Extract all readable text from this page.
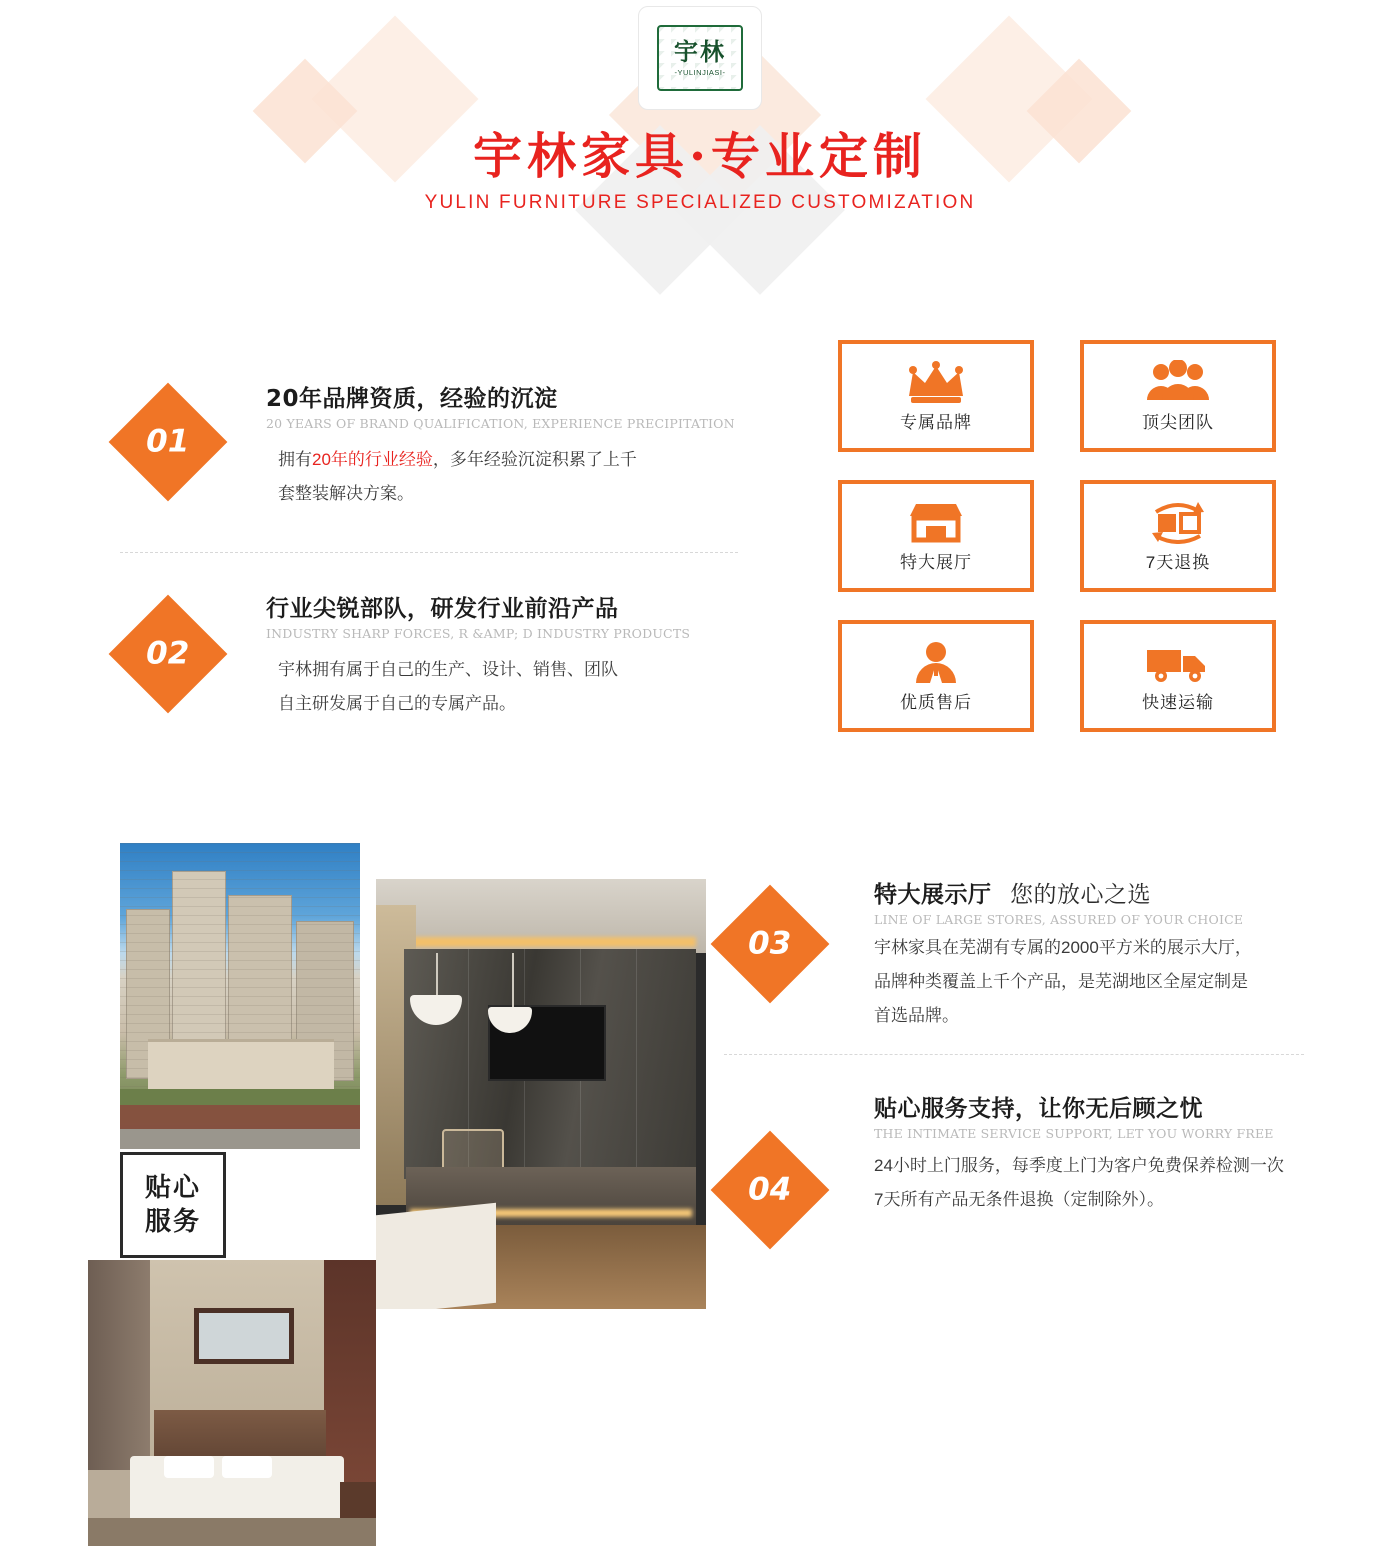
宇林
-YULINJIASI-
宇林家具·专业定制
YULIN FURNITURE SPECIALIZED CUSTOMIZATION
01
20年品牌资质，经验的沉淀
20 YEARS OF BRAND QUALIFICATION, EXPERIENCE PRECIPITATION
拥有20年的行业经验，多年经验沉淀积累了上千
套整装解决方案。
02
行业尖锐部队，研发行业前沿产品
INDUSTRY SHARP FORCES, R &AMP; D INDUSTRY PRODUCTS
宇林拥有属于自己的生产、设计、销售、团队
自主研发属于自己的专属产品。
专属品牌	顶尖团队
特大展厅	7天退换
优质售后	快速运输
贴心
服务
03
特大展示厅 您的放心之选
LINE OF LARGE STORES, ASSURED OF YOUR CHOICE
宇林家具在芜湖有专属的2000平方米的展示大厅，
品牌种类覆盖上千个产品，是芜湖地区全屋定制是
首选品牌。
04
贴心服务支持，让你无后顾之忧
THE INTIMATE SERVICE SUPPORT, LET YOU WORRY FREE
24小时上门服务，每季度上门为客户免费保养检测一次
7天所有产品无条件退换（定制除外）。
